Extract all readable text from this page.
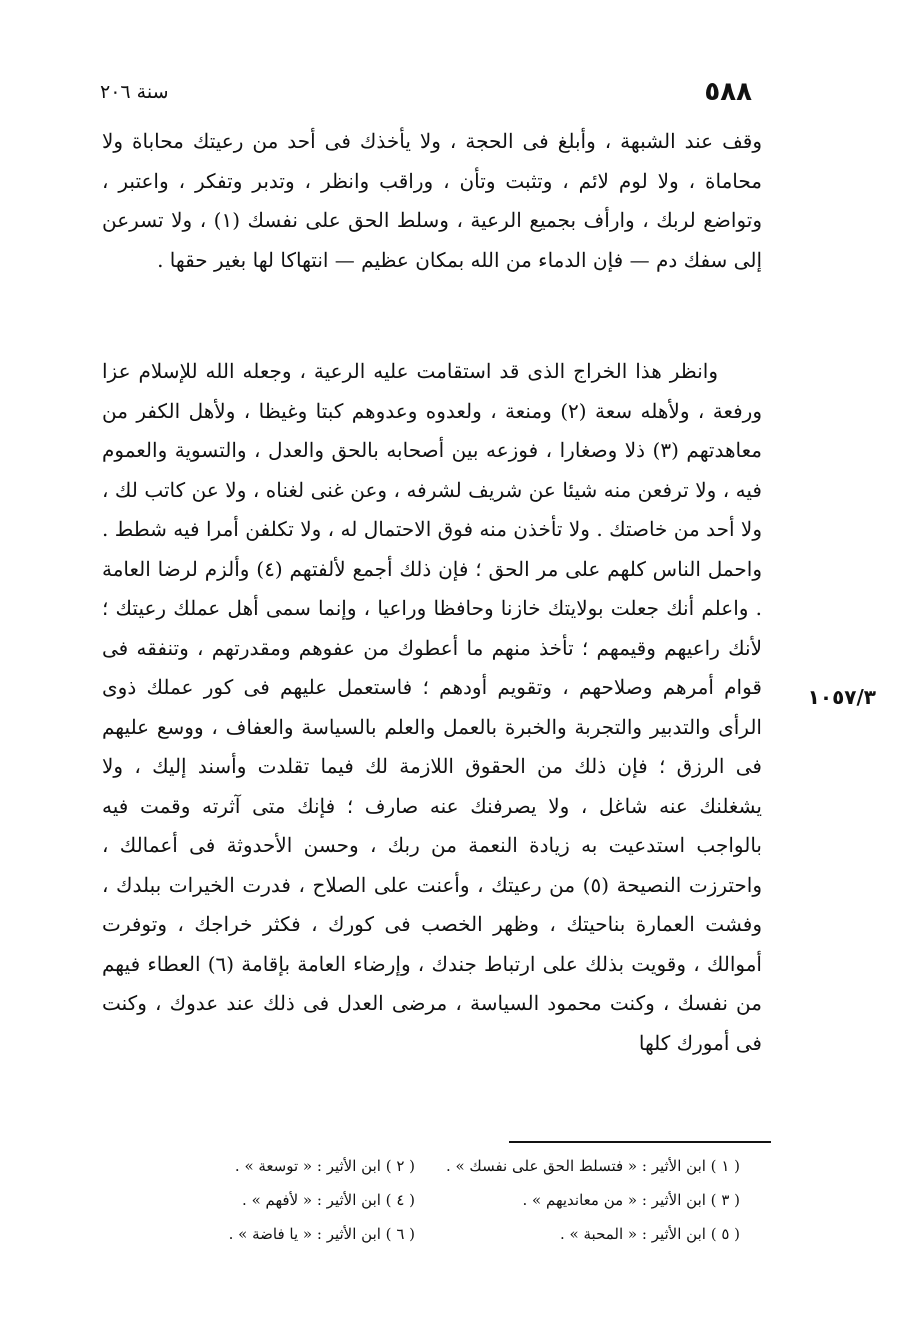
٥٨٨
سنة ٢٠٦

وقف عند الشبهة ، وأبلغ فى الحجة ، ولا يأخذك فى أحد من رعيتك محاباة ولا محاماة ، ولا لوم لائم ، وتثبت وتأن ، وراقب وانظر ، وتدبر وتفكر ، واعتبر ، وتواضع لربك ، وارأف بجميع الرعية ، وسلط الحق على نفسك (١) ، ولا تسرعن إلى سفك دم — فإن الدماء من الله بمكان عظيم — انتهاكا لها بغير حقها .

وانظر هذا الخراج الذى قد استقامت عليه الرعية ، وجعله الله للإسلام عزا ورفعة ، ولأهله سعة (٢) ومنعة ، ولعدوه وعدوهم كبتا وغيظا ، ولأهل الكفر من معاهدتهم (٣) ذلا وصغارا ، فوزعه بين أصحابه بالحق والعدل ، والتسوية والعموم فيه ، ولا ترفعن منه شيئا عن شريف لشرفه ، وعن غنى لغناه ، ولا عن كاتب لك ، ولا أحد من خاصتك . ولا تأخذن منه فوق الاحتمال له ، ولا تكلفن أمرا فيه شطط . واحمل الناس كلهم على مر الحق ؛ فإن ذلك أجمع لألفتهم (٤) وألزم لرضا العامة . واعلم أنك جعلت بولايتك خازنا وحافظا وراعيا ، وإنما سمى أهل عملك رعيتك ؛ لأنك راعيهم وقيمهم ؛ تأخذ منهم ما أعطوك من عفوهم ومقدرتهم ، وتنفقه فى قوام أمرهم وصلاحهم ، وتقويم أودهم ؛ فاستعمل عليهم فى كور عملك ذوى الرأى والتدبير والتجربة والخبرة بالعمل والعلم بالسياسة والعفاف ، ووسع عليهم فى الرزق ؛ فإن ذلك من الحقوق اللازمة لك فيما تقلدت وأسند إليك ، ولا يشغلنك عنه شاغل ، ولا يصرفنك عنه صارف ؛ فإنك متى آثرته وقمت فيه بالواجب استدعيت به زيادة النعمة من ربك ، وحسن الأحدوثة فى أعمالك ، واحترزت النصيحة (٥) من رعيتك ، وأعنت على الصلاح ، فدرت الخيرات ببلدك ، وفشت العمارة بناحيتك ، وظهر الخصب فى كورك ، فكثر خراجك ، وتوفرت أموالك ، وقويت بذلك على ارتباط جندك ، وإرضاء العامة بإقامة (٦) العطاء فيهم من نفسك ، وكنت محمود السياسة ، مرضى العدل فى ذلك عند عدوك ، وكنت فى أمورك كلها

١٠٥٧/٣
( ١ ) ابن الأثير : « فتسلط الحق على نفسك » .
( ٢ ) ابن الأثير : « توسعة » .
( ٣ ) ابن الأثير : « من معانديهم » .
( ٤ ) ابن الأثير : « لأفهم » .
( ٥ ) ابن الأثير : « المحبة » .
( ٦ ) ابن الأثير : « يا فاضة » .
